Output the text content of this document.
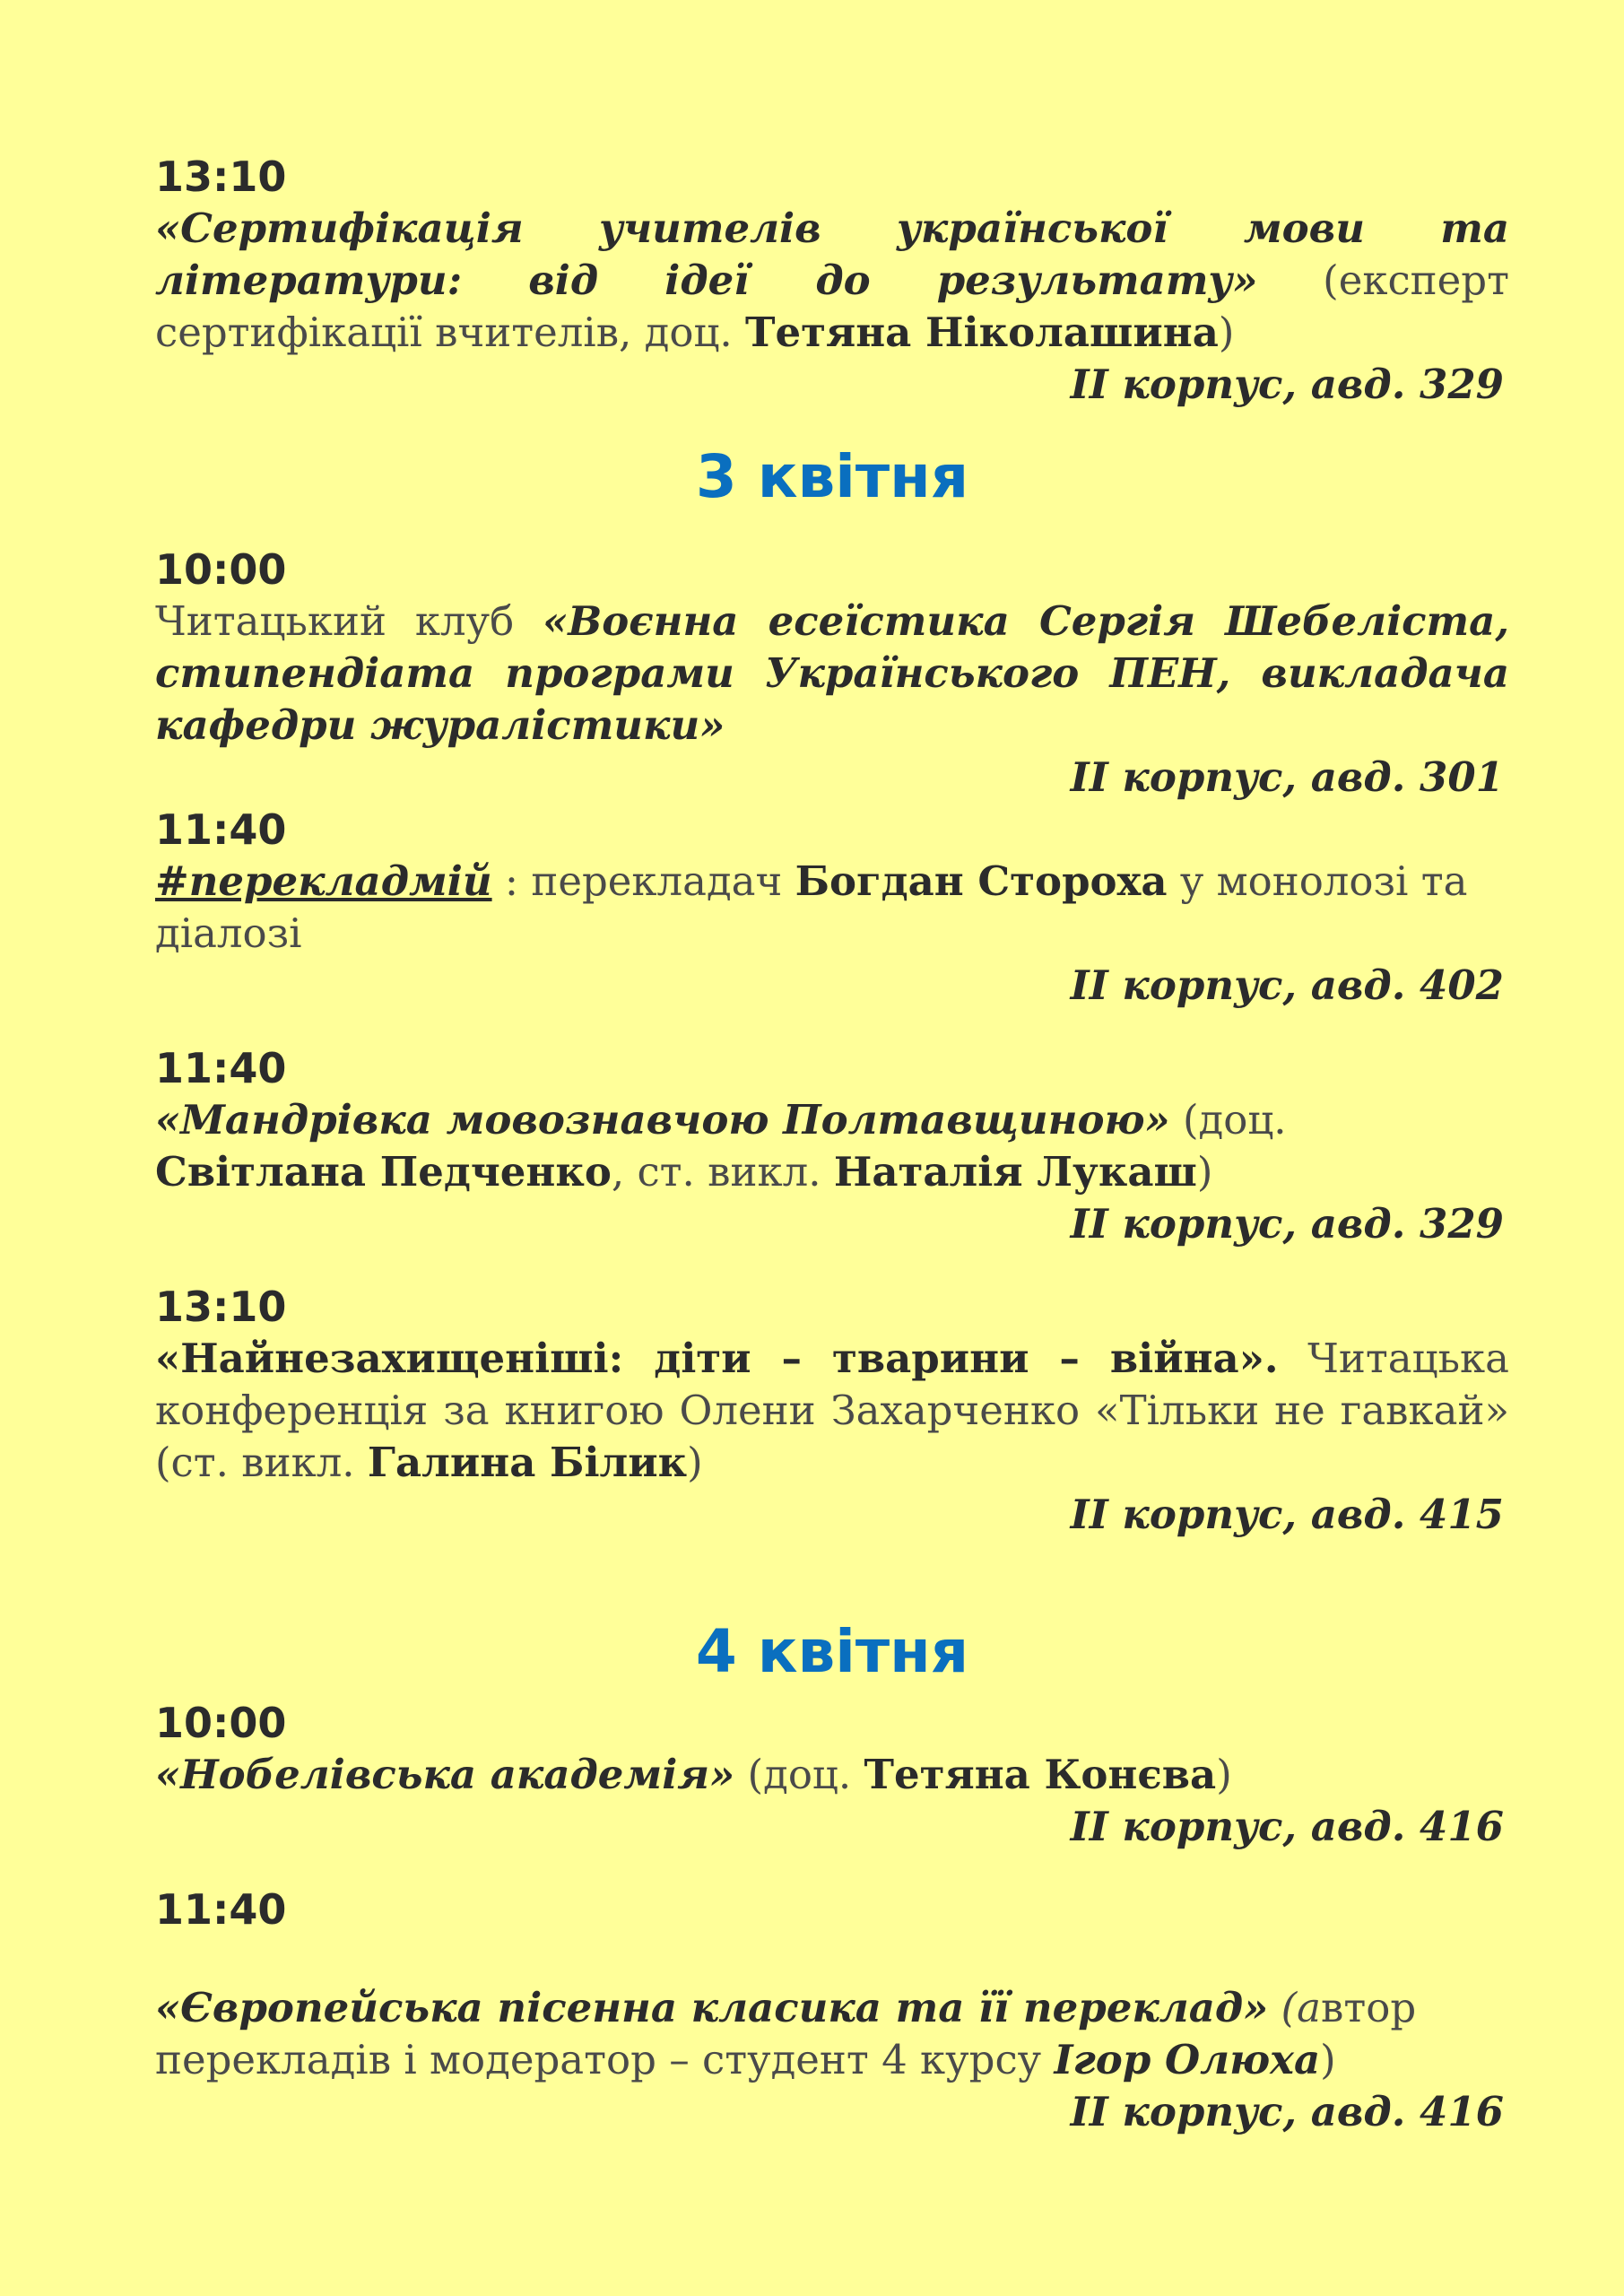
13:10

«Сертифікація учителів української мови та літератури: від ідеї до результату» (експерт сертифікації вчителів, доц. Тетяна Ніколашина)

ІІ корпус, авд. 329

3 квітня

10:00

Читацький клуб «Воєнна есеїстика Сергія Шебеліста, стипендіата програми Українського ПЕН, викладача кафедри журалістики»

ІІ корпус, авд. 301

11:40

#перекладмій : перекладач Богдан Стороха у монолозі та діалозі

ІІ корпус, авд. 402

11:40

«Мандрівка мовознавчою Полтавщиною» (доц. Світлана Педченко, ст. викл. Наталія Лукаш)

ІІ корпус, авд. 329

13:10

«Найнезахищеніші: діти – тварини – війна». Читацька конференція за книгою Олени Захарченко «Тільки не гавкай» (ст. викл. Галина Білик)

ІІ корпус, авд. 415

4 квітня

10:00

«Нобелівська академія» (доц. Тетяна Конєва)

ІІ корпус, авд. 416

11:40

«Європейська пісенна класика та її переклад» (автор перекладів і модератор – студент 4 курсу Ігор Олюха)

ІІ корпус, авд. 416
